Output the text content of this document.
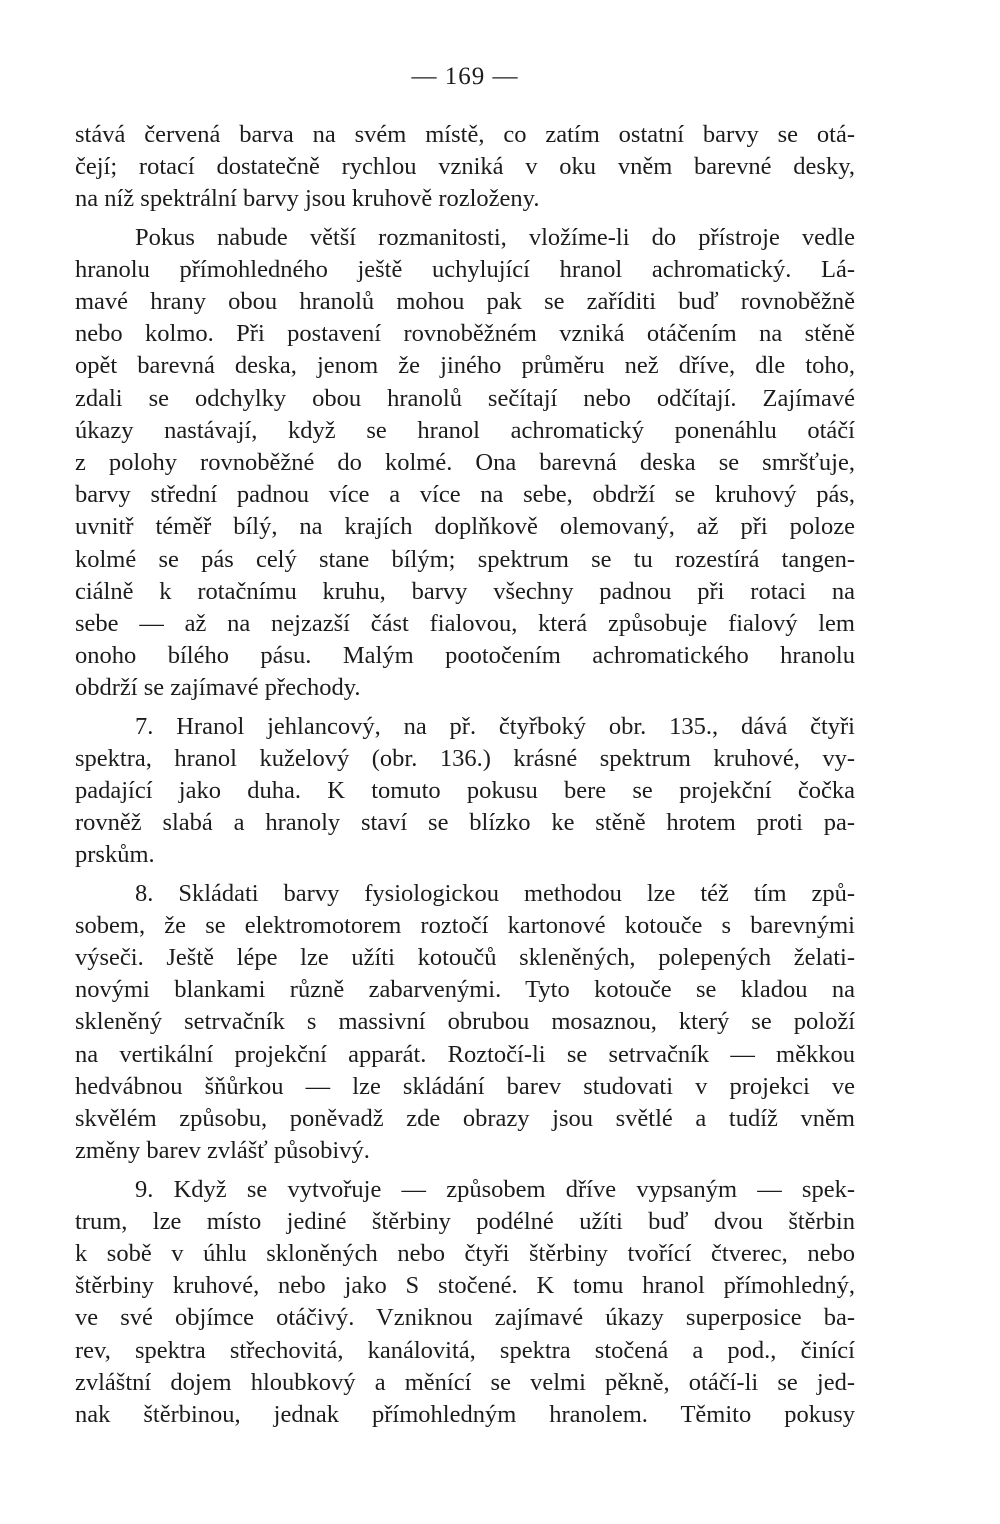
— 169 —
stává červená barva na svém místě, co zatím ostatní barvy se otá-
čejí; rotací dostatečně rychlou vzniká v oku vněm barevné desky,
na níž spektrální barvy jsou kruhově rozloženy.
Pokus nabude větší rozmanitosti, vložíme-li do přístroje vedle
hranolu přímohledného ještě uchylující hranol achromatický. Lá-
mavé hrany obou hranolů mohou pak se zaříditi buď rovnoběžně
nebo kolmo. Při postavení rovnoběžném vzniká otáčením na stěně
opět barevná deska, jenom že jiného průměru než dříve, dle toho,
zdali se odchylky obou hranolů sečítají nebo odčítají. Zajímavé
úkazy nastávají, když se hranol achromatický ponenáhlu otáčí
z polohy rovnoběžné do kolmé. Ona barevná deska se smršťuje,
barvy střední padnou více a více na sebe, obdrží se kruhový pás,
uvnitř téměř bílý, na krajích doplňkově olemovaný, až při poloze
kolmé se pás celý stane bílým; spektrum se tu rozestírá tangen-
ciálně k rotačnímu kruhu, barvy všechny padnou při rotaci na
sebe — až na nejzazší část fialovou, která způsobuje fialový lem
onoho bílého pásu. Malým pootočením achromatického hranolu
obdrží se zajímavé přechody.
7. Hranol jehlancový, na př. čtyřboký obr. 135., dává čtyři
spektra, hranol kuželový (obr. 136.) krásné spektrum kruhové, vy-
padající jako duha. K tomuto pokusu bere se projekční čočka
rovněž slabá a hranoly staví se blízko ke stěně hrotem proti pa-
prskům.
8. Skládati barvy fysiologickou methodou lze též tím způ-
sobem, že se elektromotorem roztočí kartonové kotouče s barevnými
výseči. Ještě lépe lze užíti kotoučů skleněných, polepených želati-
novými blankami různě zabarvenými. Tyto kotouče se kladou na
skleněný setrvačník s massivní obrubou mosaznou, který se položí
na vertikální projekční apparát. Roztočí-li se setrvačník — měkkou
hedvábnou šňůrkou — lze skládání barev studovati v projekci ve
skvělém způsobu, poněvadž zde obrazy jsou světlé a tudíž vněm
změny barev zvlášť působivý.
9. Když se vytvořuje — způsobem dříve vypsaným — spek-
trum, lze místo jediné štěrbiny podélné užíti buď dvou štěrbin
k sobě v úhlu skloněných nebo čtyři štěrbiny tvořící čtverec, nebo
štěrbiny kruhové, nebo jako S stočené. K tomu hranol přímohledný,
ve své objímce otáčivý. Vzniknou zajímavé úkazy superposice ba-
rev, spektra střechovitá, kanálovitá, spektra stočená a pod., činící
zvláštní dojem hloubkový a měnící se velmi pěkně, otáčí-li se jed-
nak štěrbinou, jednak přímohledným hranolem. Těmito pokusy
